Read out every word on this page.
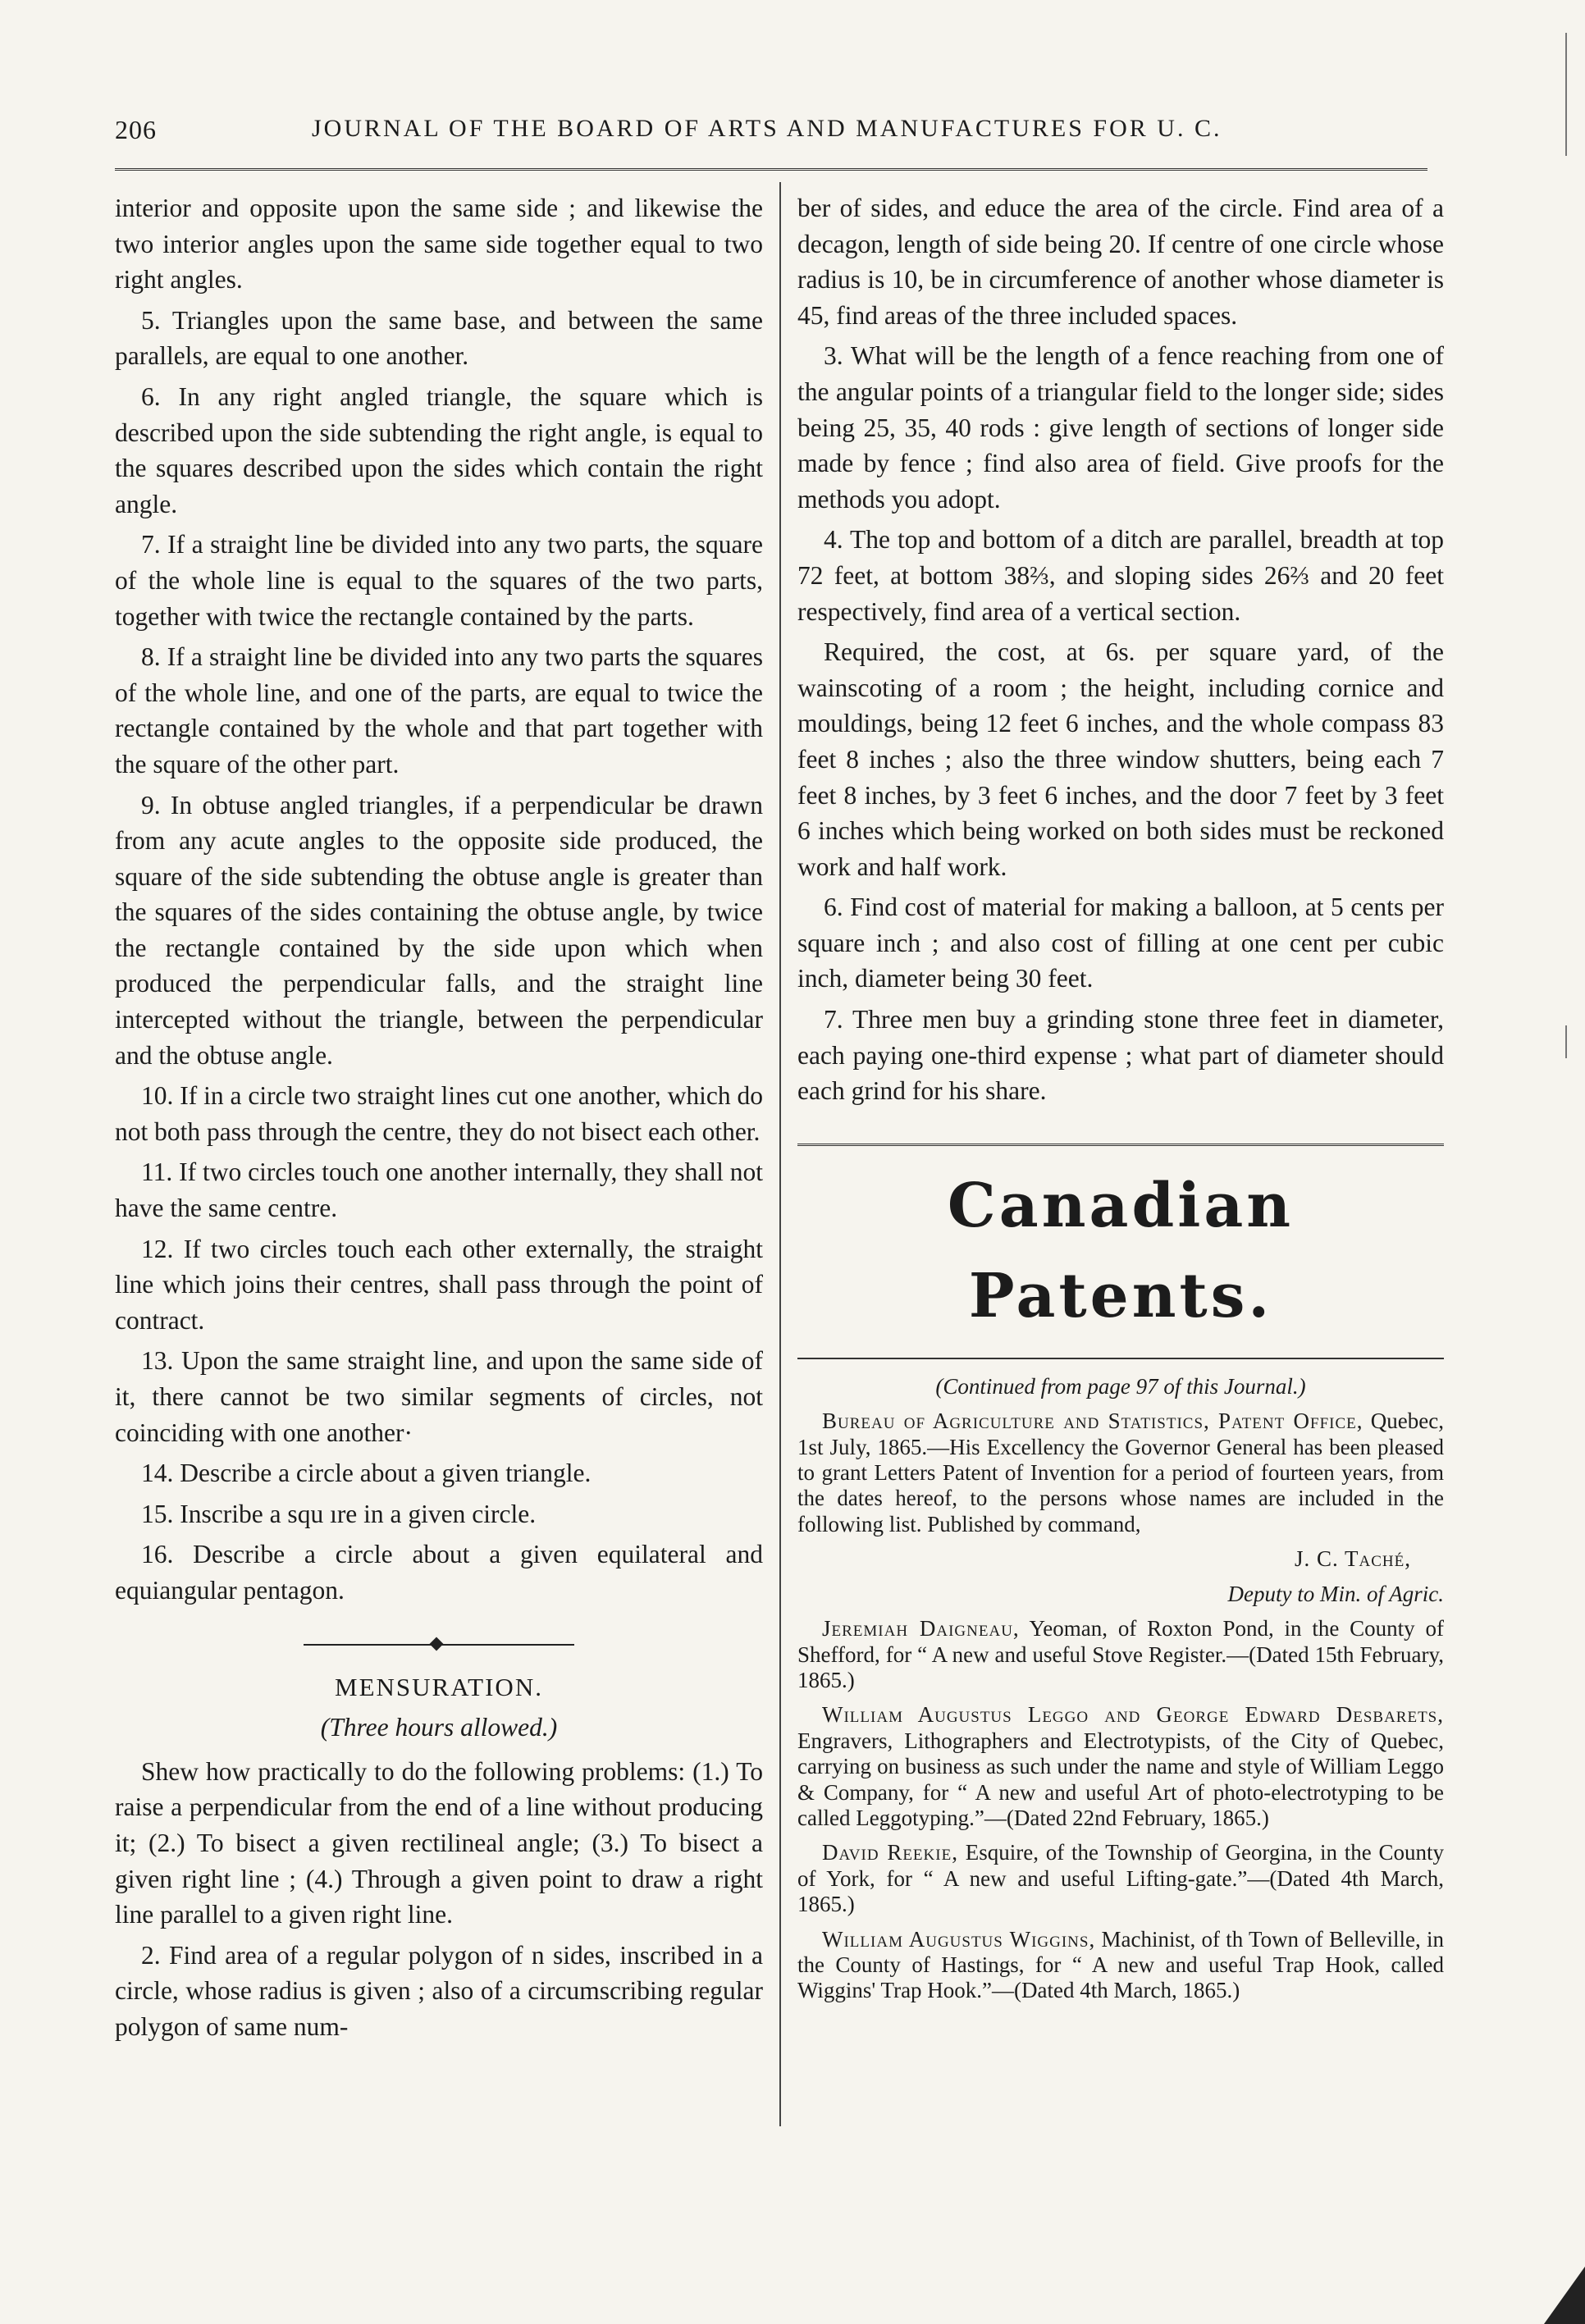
206	JOURNAL OF THE BOARD OF ARTS AND MANUFACTURES FOR U. C.

interior and opposite upon the same side ; and likewise the two interior angles upon the same side together equal to two right angles.

5. Triangles upon the same base, and between the same parallels, are equal to one another.

6. In any right angled triangle, the square which is described upon the side subtending the right angle, is equal to the squares described upon the sides which contain the right angle.

7. If a straight line be divided into any two parts, the square of the whole line is equal to the squares of the two parts, together with twice the rectangle contained by the parts.

8. If a straight line be divided into any two parts the squares of the whole line, and one of the parts, are equal to twice the rectangle contained by the whole and that part together with the square of the other part.

9. In obtuse angled triangles, if a perpendicular be drawn from any acute angles to the opposite side produced, the square of the side subtending the obtuse angle is greater than the squares of the sides containing the obtuse angle, by twice the rectangle contained by the side upon which when produced the perpendicular falls, and the straight line intercepted without the triangle, between the perpendicular and the obtuse angle.

10. If in a circle two straight lines cut one another, which do not both pass through the centre, they do not bisect each other.

11. If two circles touch one another internally, they shall not have the same centre.

12. If two circles touch each other externally, the straight line which joins their centres, shall pass through the point of contract.

13. Upon the same straight line, and upon the same side of it, there cannot be two similar segments of circles, not coinciding with one another·

14. Describe a circle about a given triangle.

15. Inscribe a squ ıre in a given circle.

16. Describe a circle about a given equilateral and equiangular pentagon.

MENSURATION.
(Three hours allowed.)

Shew how practically to do the following problems: (1.) To raise a perpendicular from the end of a line without producing it; (2.) To bisect a given rectilineal angle; (3.) To bisect a given right line ; (4.) Through a given point to draw a right line parallel to a given right line.

2. Find area of a regular polygon of n sides, inscribed in a circle, whose radius is given ; also of a circumscribing regular polygon of same num-

ber of sides, and educe the area of the circle. Find area of a decagon, length of side being 20. If centre of one circle whose radius is 10, be in circumference of another whose diameter is 45, find areas of the three included spaces.

3. What will be the length of a fence reaching from one of the angular points of a triangular field to the longer side; sides being 25, 35, 40 rods : give length of sections of longer side made by fence ; find also area of field. Give proofs for the methods you adopt.

4. The top and bottom of a ditch are parallel, breadth at top 72 feet, at bottom 38⅔, and sloping sides 26⅔ and 20 feet respectively, find area of a vertical section.

Required, the cost, at 6s. per square yard, of the wainscoting of a room ; the height, including cornice and mouldings, being 12 feet 6 inches, and the whole compass 83 feet 8 inches ; also the three window shutters, being each 7 feet 8 inches, by 3 feet 6 inches, and the door 7 feet by 3 feet 6 inches which being worked on both sides must be reckoned work and half work.

6. Find cost of material for making a balloon, at 5 cents per square inch ; and also cost of filling at one cent per cubic inch, diameter being 30 feet.

7. Three men buy a grinding stone three feet in diameter, each paying one-third expense ; what part of diameter should each grind for his share.

Canadian Patents.

(Continued from page 97 of this Journal.)

Bureau of Agriculture and Statistics, Patent Office, Quebec, 1st July, 1865.—His Excellency the Governor General has been pleased to grant Letters Patent of Invention for a period of fourteen years, from the dates hereof, to the persons whose names are included in the following list. Published by command,

J. C. Taché,

Deputy to Min. of Agric.

Jeremiah Daigneau, Yeoman, of Roxton Pond, in the County of Shefford, for “ A new and useful Stove Register.—(Dated 15th February, 1865.)

William Augustus Leggo and George Edward Desbarets, Engravers, Lithographers and Electrotypists, of the City of Quebec, carrying on business as such under the name and style of William Leggo & Company, for “ A new and useful Art of photo-electrotyping to be called Leggotyping.”—(Dated 22nd February, 1865.)

David Reekie, Esquire, of the Township of Georgina, in the County of York, for “ A new and useful Lifting-gate.”—(Dated 4th March, 1865.)

William Augustus Wiggins, Machinist, of th Town of Belleville, in the County of Hastings, for “ A new and useful Trap Hook, called Wiggins' Trap Hook.”—(Dated 4th March, 1865.)
